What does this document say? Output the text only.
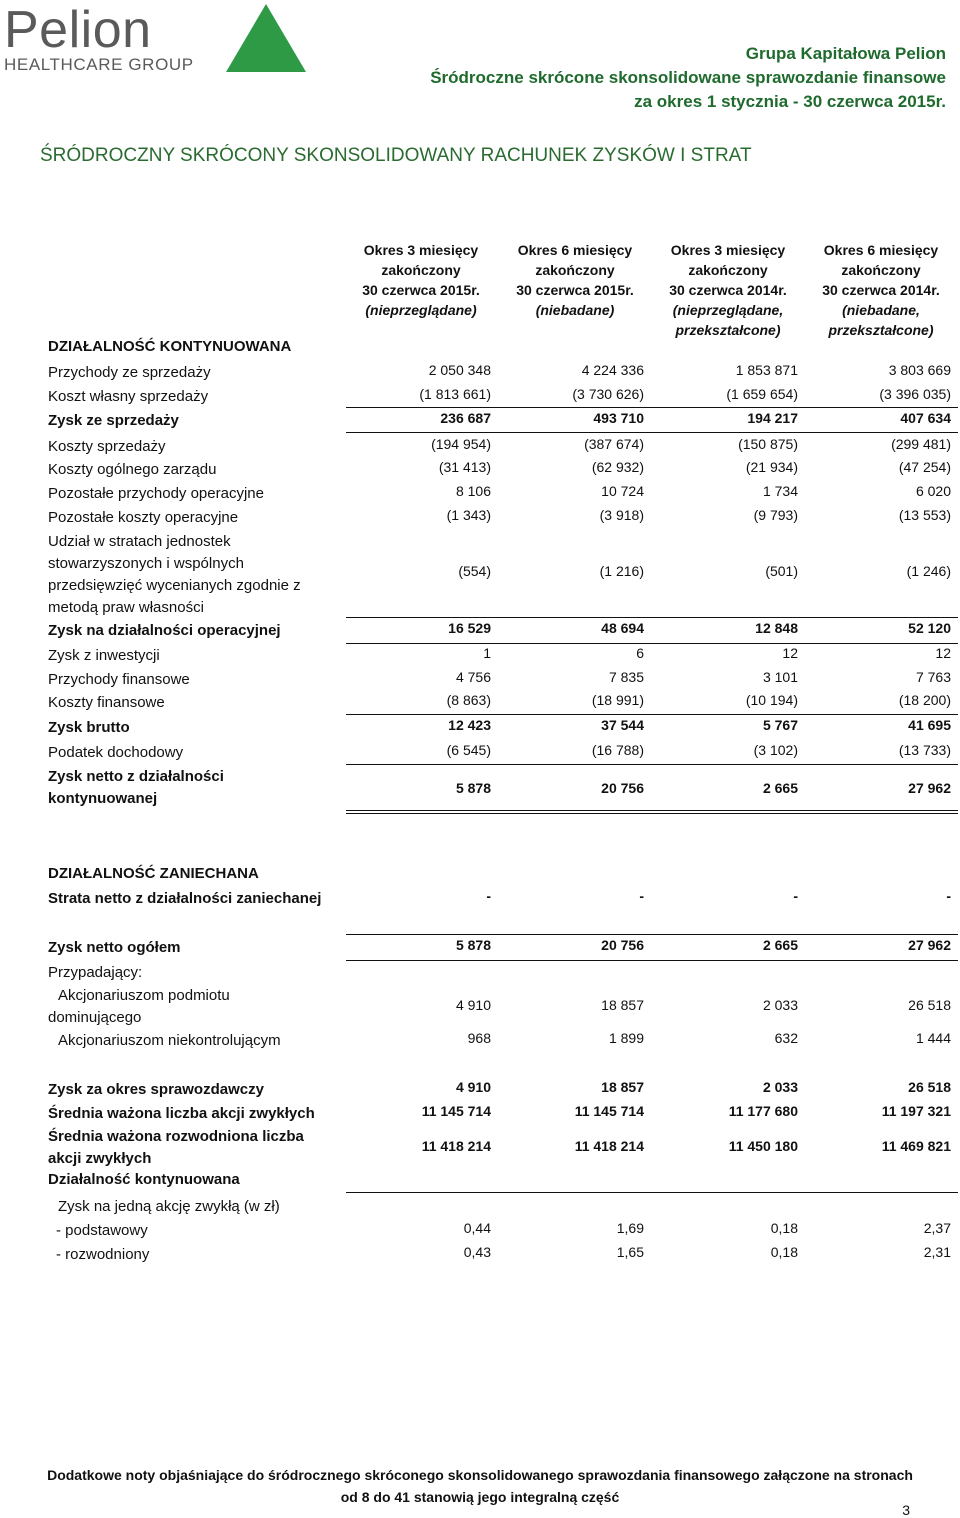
Pelion
HEALTHCARE GROUP
Grupa Kapitałowa Pelion
Śródroczne skrócone skonsolidowane sprawozdanie finansowe
za okres 1 stycznia - 30 czerwca 2015r.
ŚRÓDROCZNY SKRÓCONY SKONSOLIDOWANY RACHUNEK ZYSKÓW I STRAT
Okres 3 miesięcy
zakończony
30 czerwca 2015r.
(nieprzeglądane)
Okres 6 miesięcy
zakończony
30 czerwca 2015r.
(niebadane)
Okres 3 miesięcy
zakończony
30 czerwca 2014r.
(nieprzeglądane,
przekształcone)
Okres 6 miesięcy
zakończony
30 czerwca 2014r.
(niebadane,
przekształcone)
DZIAŁALNOŚĆ KONTYNUOWANA
DZIAŁALNOŚĆ ZANIECHANA
Działalność kontynuowana
Przychody ze sprzedaży	2 050 348	4 224 336	1 853 871	3 803 669
Koszt własny sprzedaży	(1 813 661)	(3 730 626)	(1 659 654)	(3 396 035)
Zysk ze sprzedaży	236 687	493 710	194 217	407 634
Koszty sprzedaży	(194 954)	(387 674)	(150 875)	(299 481)
Koszty ogólnego zarządu	(31 413)	(62 932)	(21 934)	(47 254)
Pozostałe przychody operacyjne	8 106	10 724	1 734	6 020
Pozostałe koszty operacyjne	(1 343)	(3 918)	(9 793)	(13 553)
Udział w stratach jednostek stowarzyszonych i wspólnych przedsięwzięć wycenianych zgodnie z metodą praw własności
(554)	(1 216)	(501)	(1 246)
Zysk na działalności operacyjnej	16 529	48 694	12 848	52 120
Zysk z inwestycji	1	6	12	12
Przychody finansowe	4 756	7 835	3 101	7 763
Koszty finansowe	(8 863)	(18 991)	(10 194)	(18 200)
Zysk brutto	12 423	37 544	5 767	41 695
Podatek dochodowy	(6 545)	(16 788)	(3 102)	(13 733)
Zysk netto z działalności kontynuowanej
5 878	20 756	2 665	27 962
Strata netto z działalności zaniechanej	-	-	-	-
Zysk netto ogółem	5 878	20 756	2 665	27 962
Przypadający:
Akcjonariuszom podmiotu dominującego
4 910	18 857	2 033	26 518
Akcjonariuszom niekontrolującym	968	1 899	632	1 444
Zysk za okres sprawozdawczy	4 910	18 857	2 033	26 518
Średnia ważona liczba akcji zwykłych	11 145 714	11 145 714	11 177 680	11 197 321
Średnia ważona rozwodniona liczba akcji zwykłych
11 418 214	11 418 214	11 450 180	11 469 821
Zysk na jedną akcję zwykłą (w zł)
- podstawowy	0,44	1,69	0,18	2,37
- rozwodniony	0,43	1,65	0,18	2,31
Dodatkowe noty objaśniające do śródrocznego skróconego skonsolidowanego sprawozdania finansowego załączone na stronach
od 8 do 41 stanowią jego integralną część
3
